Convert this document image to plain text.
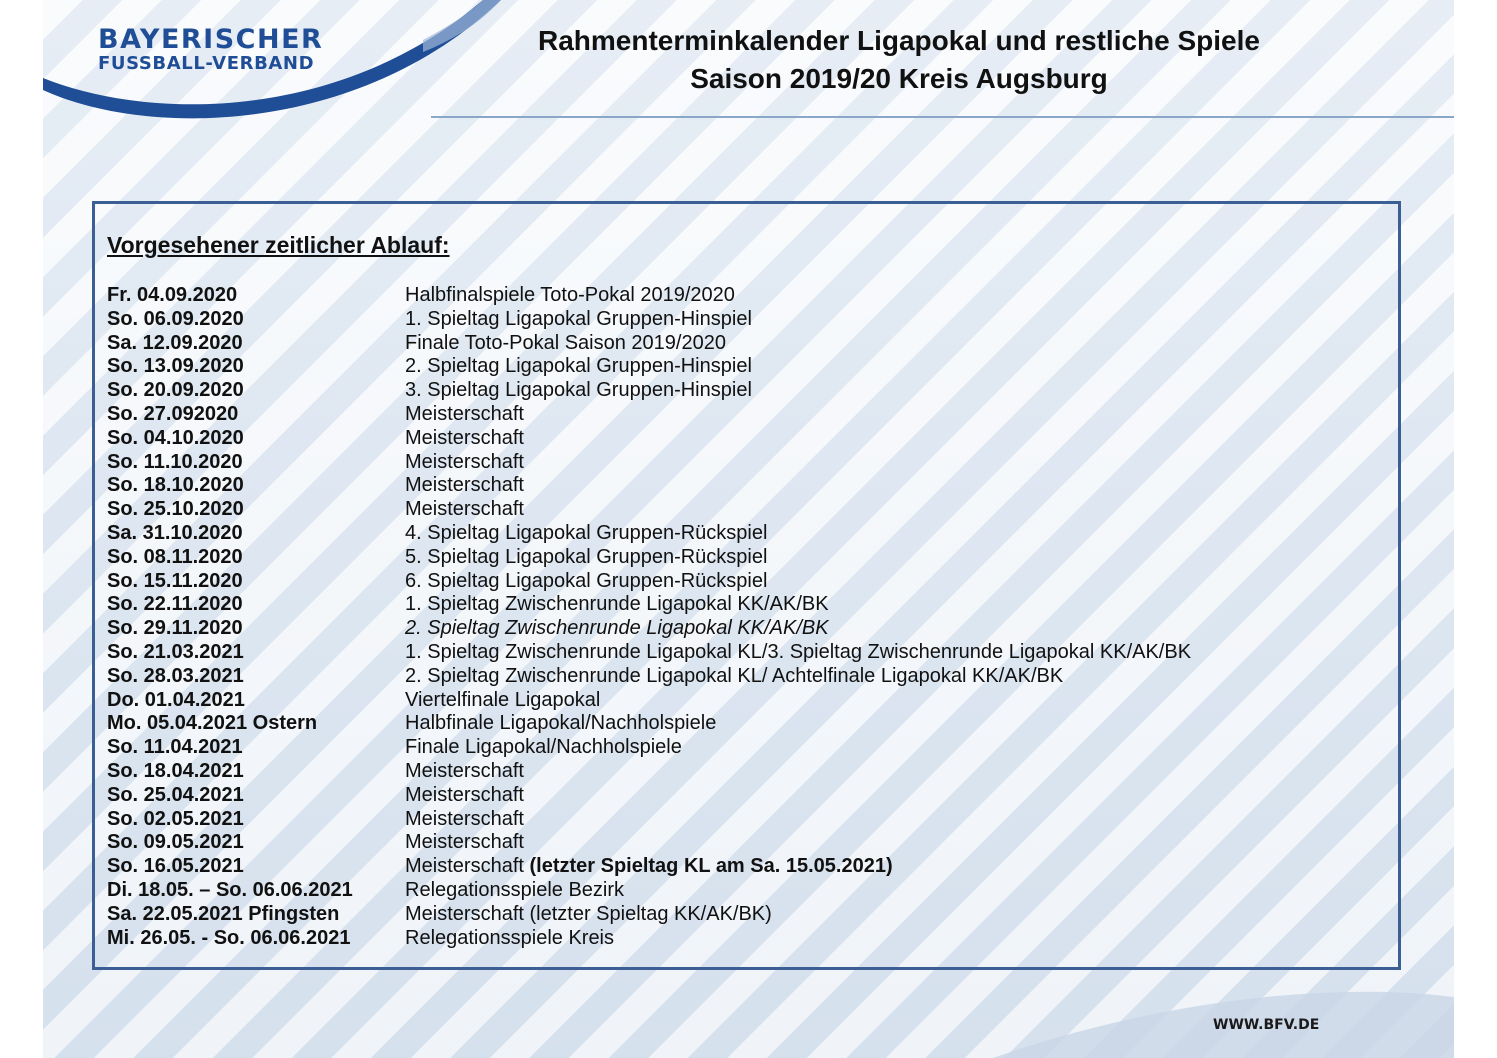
BAYERISCHER
FUSSBALL-VERBAND
Rahmenterminkalender Ligapokal und restliche Spiele
Saison 2019/20 Kreis Augsburg
Vorgesehener zeitlicher Ablauf:
Fr. 04.09.2020	Halbfinalspiele Toto-Pokal 2019/2020
So. 06.09.2020	1. Spieltag Ligapokal Gruppen-Hinspiel
Sa. 12.09.2020	Finale Toto-Pokal Saison 2019/2020
So. 13.09.2020	2. Spieltag Ligapokal Gruppen-Hinspiel
So. 20.09.2020	3. Spieltag Ligapokal Gruppen-Hinspiel
So. 27.092020	Meisterschaft
So. 04.10.2020	Meisterschaft
So. 11.10.2020	Meisterschaft
So. 18.10.2020	Meisterschaft
So. 25.10.2020	Meisterschaft
Sa. 31.10.2020	4. Spieltag Ligapokal Gruppen-Rückspiel
So. 08.11.2020	5. Spieltag Ligapokal Gruppen-Rückspiel
So. 15.11.2020	6. Spieltag Ligapokal Gruppen-Rückspiel
So. 22.11.2020	1. Spieltag Zwischenrunde Ligapokal KK/AK/BK
So. 29.11.2020	2. Spieltag Zwischenrunde Ligapokal KK/AK/BK
So. 21.03.2021	1. Spieltag Zwischenrunde Ligapokal KL/3. Spieltag Zwischenrunde Ligapokal KK/AK/BK
So. 28.03.2021	2. Spieltag Zwischenrunde Ligapokal KL/ Achtelfinale Ligapokal KK/AK/BK
Do. 01.04.2021	Viertelfinale Ligapokal
Mo. 05.04.2021 Ostern	Halbfinale Ligapokal/Nachholspiele
So. 11.04.2021	Finale Ligapokal/Nachholspiele
So. 18.04.2021	Meisterschaft
So. 25.04.2021	Meisterschaft
So. 02.05.2021	Meisterschaft
So. 09.05.2021	Meisterschaft
So. 16.05.2021	Meisterschaft (letzter Spieltag KL am Sa. 15.05.2021)
Di. 18.05. – So. 06.06.2021	Relegationsspiele Bezirk
Sa. 22.05.2021 Pfingsten	Meisterschaft (letzter Spieltag KK/AK/BK)
Mi. 26.05. - So. 06.06.2021	Relegationsspiele Kreis
WWW.BFV.DE
